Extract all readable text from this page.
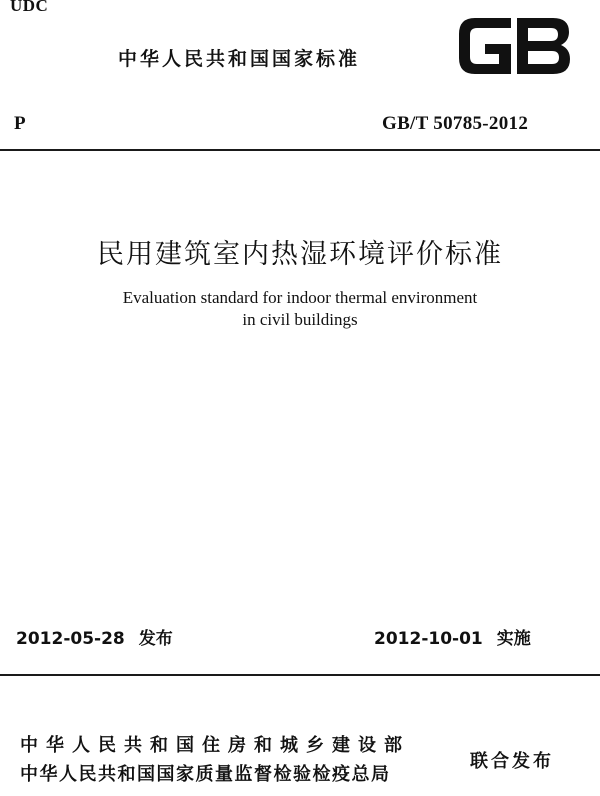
UDC
中华人民共和国国家标准
P	GB/T 50785-2012
民用建筑室内热湿环境评价标准
Evaluation standard for indoor thermal environment
in civil buildings
2012-05-28 发布	2012-10-01 实施
中华人民共和国住房和城乡建设部
中华人民共和国国家质量监督检验检疫总局
联合发布
